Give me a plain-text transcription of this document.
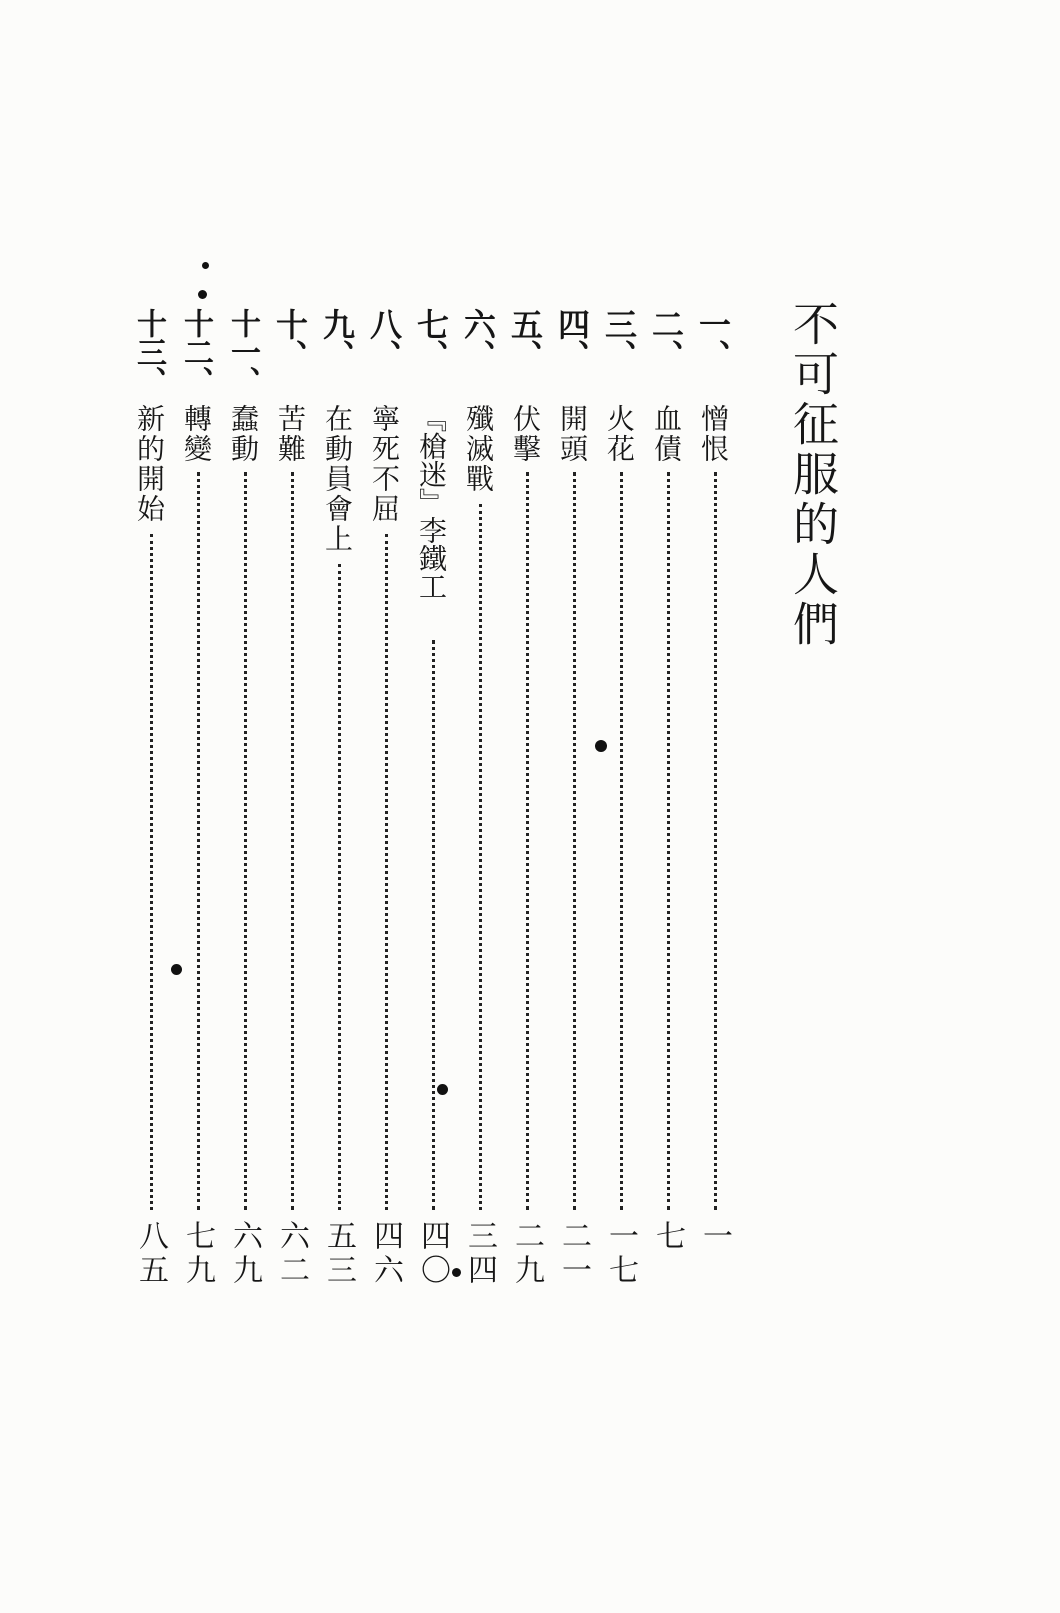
不可征服的人們
一、
憎恨
一
二、
血債
七
三、
火花
一七
四、
開頭
二一
五、
伏擊
二九
六、
殲滅戰
三四
七、
『槍迷』李鐵工
四〇
八、
寧死不屈
四六
九、
在動員會上
五三
十、
苦難
六二
十一、
蠢動
六九
十二、
轉變
七九
十三、
新的開始
八五
